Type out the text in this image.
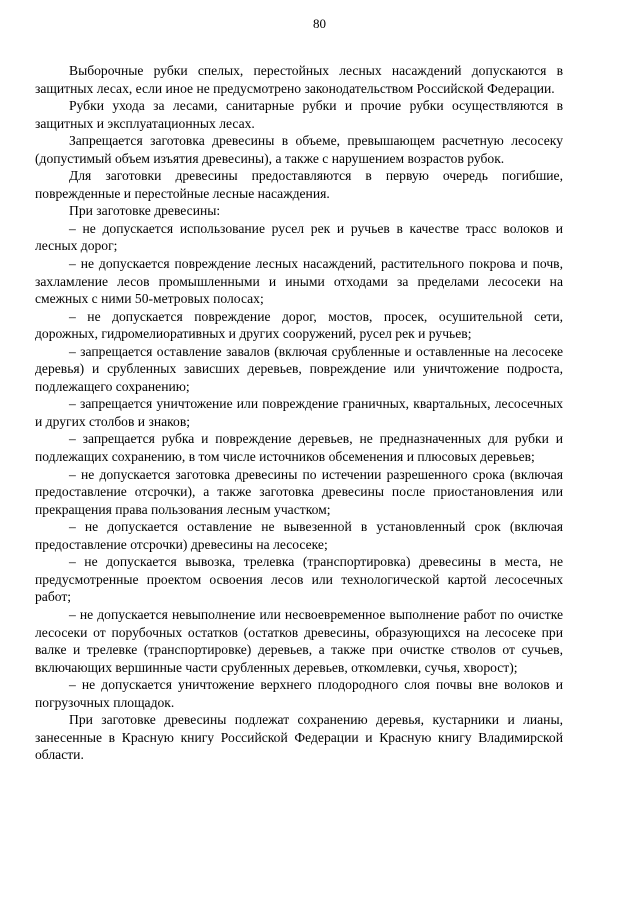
80

Выборочные рубки спелых, перестойных лесных насаждений допускаются в защитных лесах, если иное не предусмотрено законодательством Российской Федерации.

Рубки ухода за лесами, санитарные рубки и прочие рубки осуществляются в защитных и эксплуатационных лесах.

Запрещается заготовка древесины в объеме, превышающем расчетную лесосеку (допустимый объем изъятия древесины), а также с нарушением возрастов рубок.

Для заготовки древесины предоставляются в первую очередь погибшие, поврежденные и перестойные лесные насаждения.

При заготовке древесины:

– не допускается использование русел рек и ручьев в качестве трасс волоков и лесных дорог;

– не допускается повреждение лесных насаждений, растительного покрова и почв, захламление лесов промышленными и иными отходами за пределами лесосеки на смежных с ними 50-метровых полосах;

– не допускается повреждение дорог, мостов, просек, осушительной сети, дорожных, гидромелиоративных и других сооружений, русел рек и ручьев;

– запрещается оставление завалов (включая срубленные и оставленные на лесосеке деревья) и срубленных зависших деревьев, повреждение или уничтожение подроста, подлежащего сохранению;

– запрещается уничтожение или повреждение граничных, квартальных, лесосечных и других столбов и знаков;

– запрещается рубка и повреждение деревьев, не предназначенных для рубки и подлежащих сохранению, в том числе источников обсеменения и плюсовых деревьев;

– не допускается заготовка древесины по истечении разрешенного срока (включая предоставление отсрочки), а также заготовка древесины после приостановления или прекращения права пользования лесным участком;

– не допускается оставление не вывезенной в установленный срок (включая предоставление отсрочки) древесины на лесосеке;

– не допускается вывозка, трелевка (транспортировка) древесины в места, не предусмотренные проектом освоения лесов или технологической картой лесосечных работ;

– не допускается невыполнение или несвоевременное выполнение работ по очистке лесосеки от порубочных остатков (остатков древесины, образующихся на лесосеке при валке и трелевке (транспортировке) деревьев, а также при очистке стволов от сучьев, включающих вершинные части срубленных деревьев, откомлевки, сучья, хворост);

– не допускается уничтожение верхнего плодородного слоя почвы вне волоков и погрузочных площадок.

При заготовке древесины подлежат сохранению деревья, кустарники и лианы, занесенные в Красную книгу Российской Федерации и Красную книгу Владимирской области.
